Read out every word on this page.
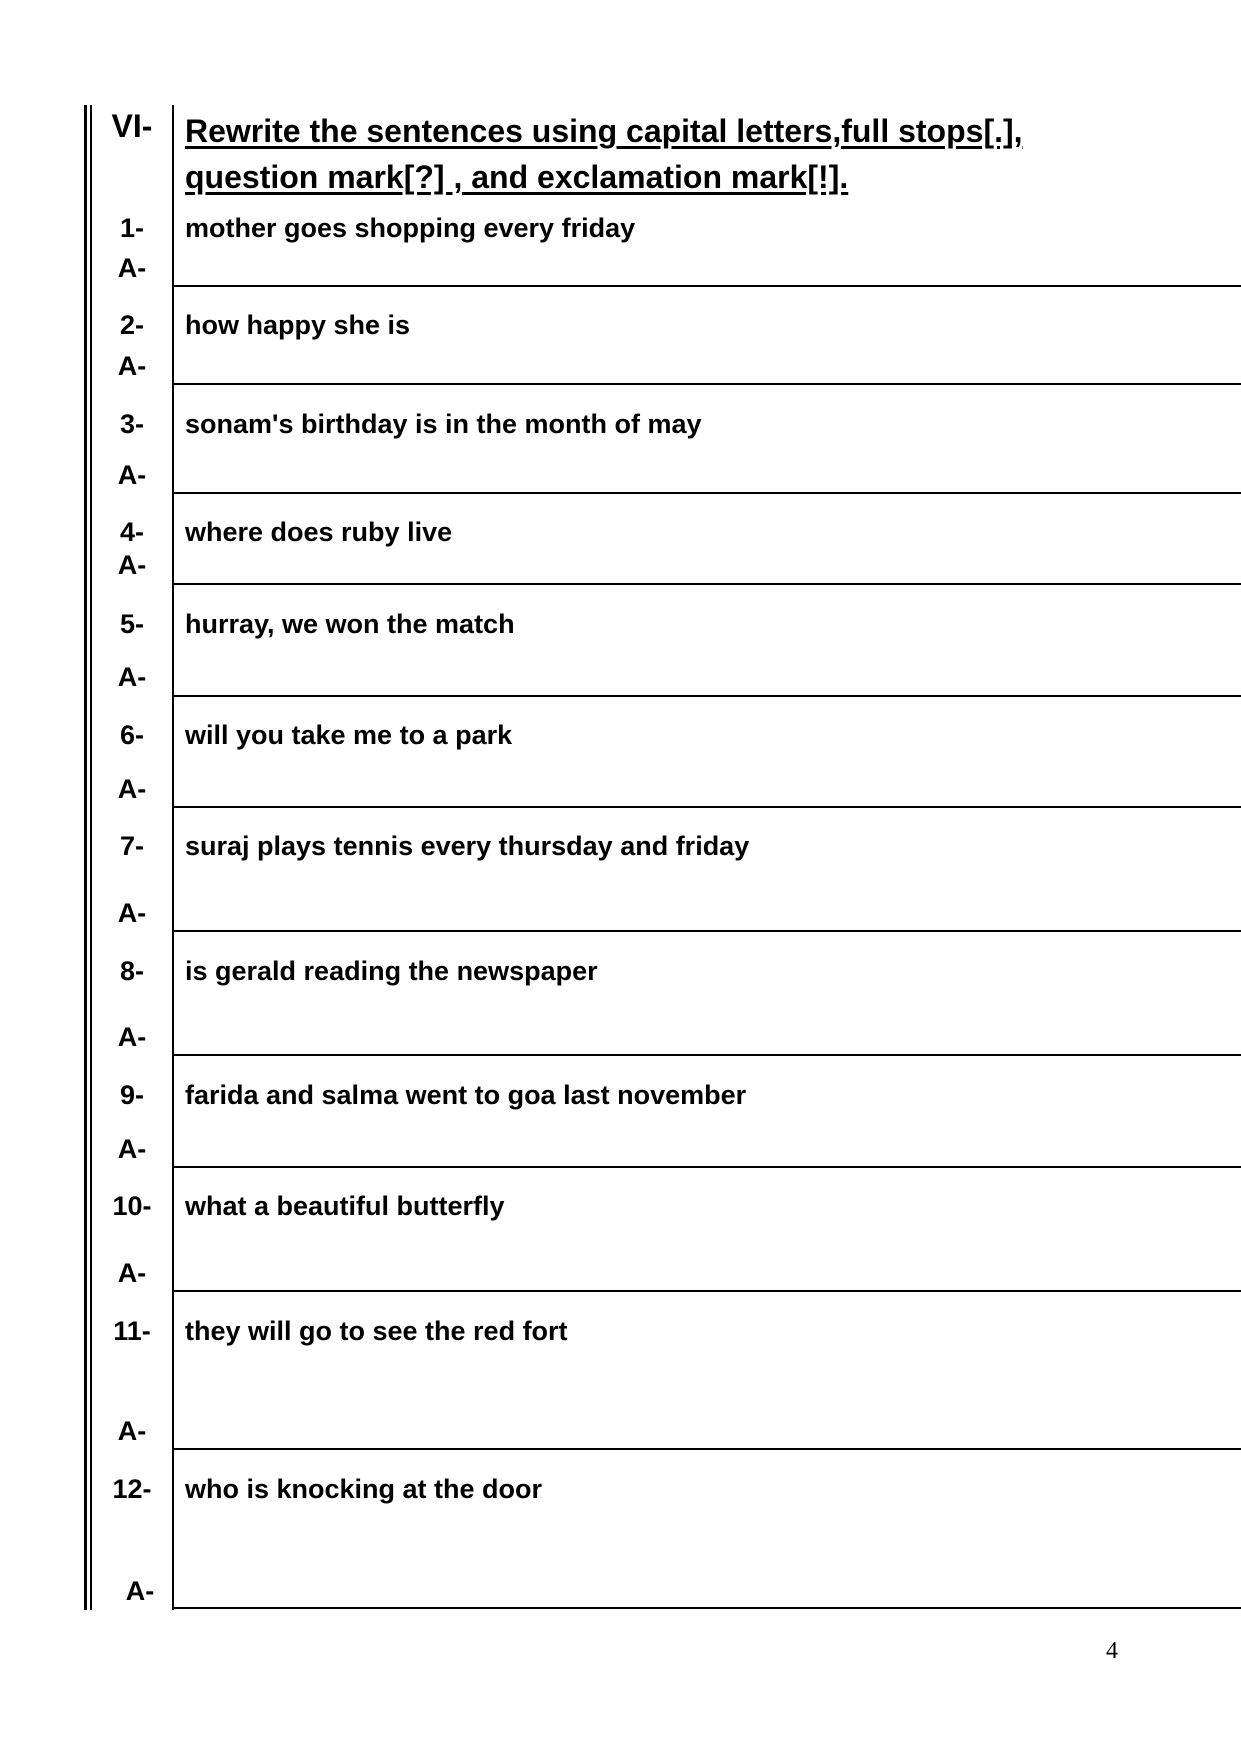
VI-	Rewrite the sentences using capital letters,full stops[.],
question mark[?] , and exclamation mark[!].
1-	mother goes shopping every friday
A-
2-	how happy she is
A-
3-	sonam's birthday is in the month of may
A-
4-	where does ruby live
A-
5-	hurray, we won the match
A-
6-	will you take me to a park
A-
7-	suraj plays tennis every thursday and friday
A-
8-	is gerald reading the newspaper
A-
9-	farida and salma went to goa last november
A-
10-	what a beautiful butterfly
A-
11-	they will go to see the red fort
A-
12-	who is knocking at the door
A-
4
